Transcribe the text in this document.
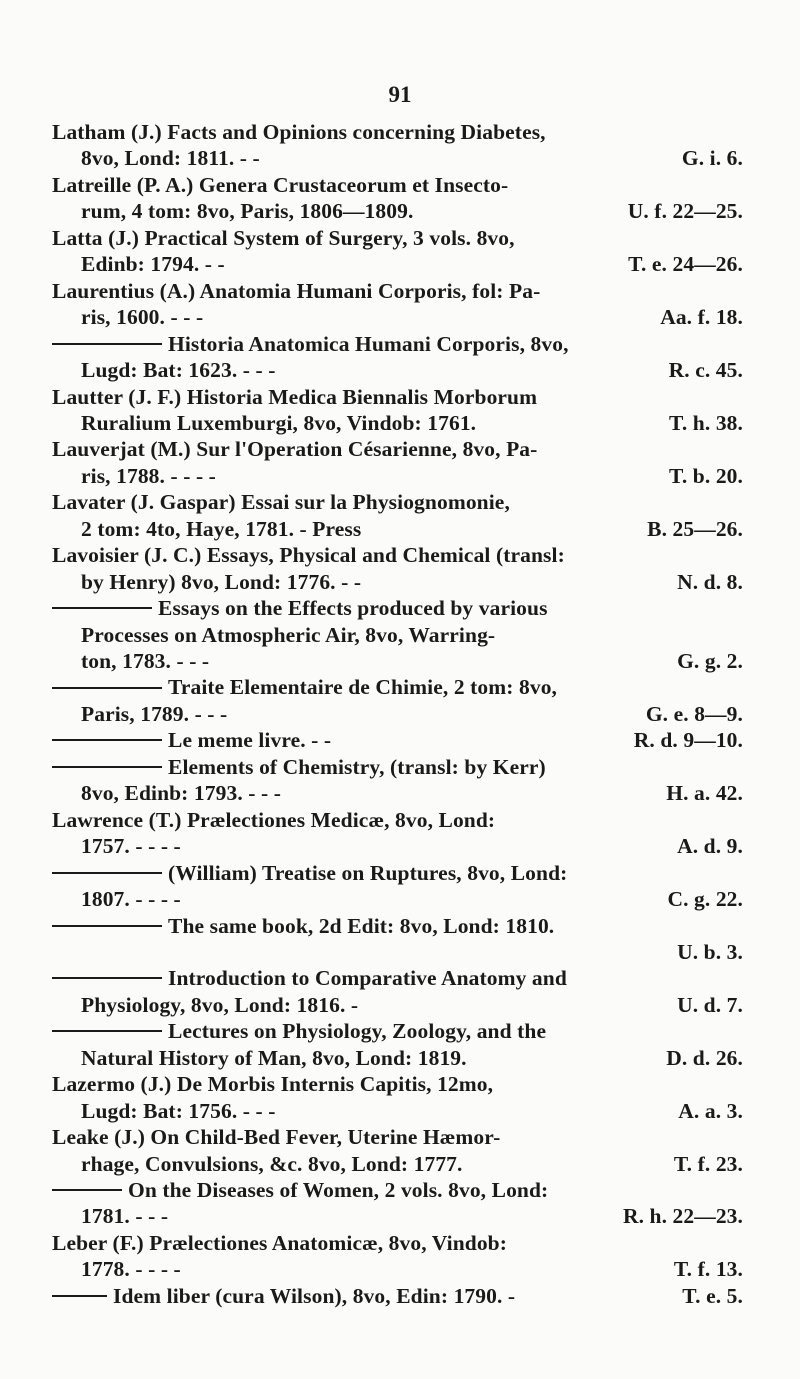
91
Latham (J.) Facts and Opinions concerning Diabetes,
8vo, Lond: 1811. - -	G. i. 6.
Latreille (P. A.) Genera Crustaceorum et Insecto-
rum, 4 tom: 8vo, Paris, 1806—1809.	U. f. 22—25.
Latta (J.) Practical System of Surgery, 3 vols. 8vo,
Edinb: 1794. - -	T. e. 24—26.
Laurentius (A.) Anatomia Humani Corporis, fol: Pa-
ris, 1600. - - -	Aa. f. 18.
Historia Anatomica Humani Corporis, 8vo,
Lugd: Bat: 1623. - - -	R. c. 45.
Lautter (J. F.) Historia Medica Biennalis Morborum
Ruralium Luxemburgi, 8vo, Vindob: 1761.	T. h. 38.
Lauverjat (M.) Sur l'Operation Césarienne, 8vo, Pa-
ris, 1788. - - - -	T. b. 20.
Lavater (J. Gaspar) Essai sur la Physiognomonie,
2 tom: 4to, Haye, 1781. - Press	B. 25—26.
Lavoisier (J. C.) Essays, Physical and Chemical (transl:
by Henry) 8vo, Lond: 1776. - -	N. d. 8.
Essays on the Effects produced by various
Processes on Atmospheric Air, 8vo, Warring-
ton, 1783. - - -	G. g. 2.
Traite Elementaire de Chimie, 2 tom: 8vo,
Paris, 1789. - - -	G. e. 8—9.
Le meme livre. - -	R. d. 9—10.
Elements of Chemistry, (transl: by Kerr)
8vo, Edinb: 1793. - - -	H. a. 42.
Lawrence (T.) Prælectiones Medicæ, 8vo, Lond:
1757. - - - -	A. d. 9.
(William) Treatise on Ruptures, 8vo, Lond:
1807. - - - -	C. g. 22.
The same book, 2d Edit: 8vo, Lond: 1810.
U. b. 3.
Introduction to Comparative Anatomy and
Physiology, 8vo, Lond: 1816. -	U. d. 7.
Lectures on Physiology, Zoology, and the
Natural History of Man, 8vo, Lond: 1819.	D. d. 26.
Lazermo (J.) De Morbis Internis Capitis, 12mo,
Lugd: Bat: 1756. - - -	A. a. 3.
Leake (J.) On Child-Bed Fever, Uterine Hæmor-
rhage, Convulsions, &c. 8vo, Lond: 1777.	T. f. 23.
On the Diseases of Women, 2 vols. 8vo, Lond:
1781. - - -	R. h. 22—23.
Leber (F.) Prælectiones Anatomicæ, 8vo, Vindob:
1778. - - - -	T. f. 13.
Idem liber (cura Wilson), 8vo, Edin: 1790. -	T. e. 5.
